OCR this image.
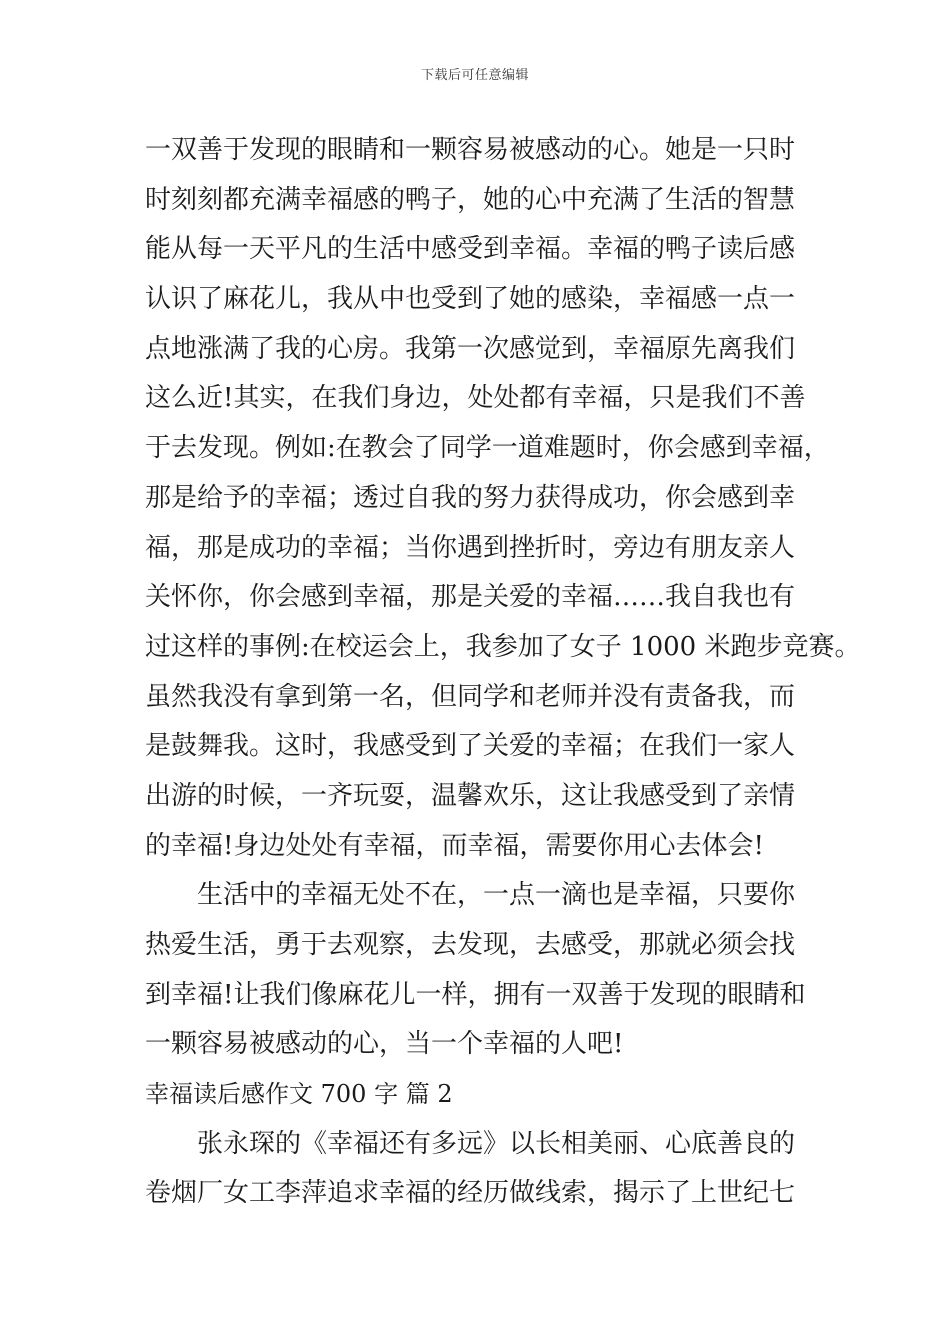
下载后可任意编辑
一双善于发现的眼睛和一颗容易被感动的心。她是一只时
时刻刻都充满幸福感的鸭子，她的心中充满了生活的智慧
能从每一天平凡的生活中感受到幸福。幸福的鸭子读后感
认识了麻花儿，我从中也受到了她的感染，幸福感一点一
点地涨满了我的心房。我第一次感觉到，幸福原先离我们
这么近!其实，在我们身边，处处都有幸福，只是我们不善
于去发现。例如:在教会了同学一道难题时，你会感到幸福，
那是给予的幸福；透过自我的努力获得成功，你会感到幸
福，那是成功的幸福；当你遇到挫折时，旁边有朋友亲人
关怀你，你会感到幸福，那是关爱的幸福……我自我也有
过这样的事例:在校运会上，我参加了女子 1000 米跑步竞赛。
虽然我没有拿到第一名，但同学和老师并没有责备我，而
是鼓舞我。这时，我感受到了关爱的幸福；在我们一家人
出游的时候，一齐玩耍，温馨欢乐，这让我感受到了亲情
的幸福!身边处处有幸福，而幸福，需要你用心去体会!
生活中的幸福无处不在，一点一滴也是幸福，只要你
热爱生活，勇于去观察，去发现，去感受，那就必须会找
到幸福!让我们像麻花儿一样，拥有一双善于发现的眼睛和
一颗容易被感动的心，当一个幸福的人吧!
幸福读后感作文 700 字 篇 2
张永琛的《幸福还有多远》以长相美丽、心底善良的
卷烟厂女工李萍追求幸福的经历做线索，揭示了上世纪七
